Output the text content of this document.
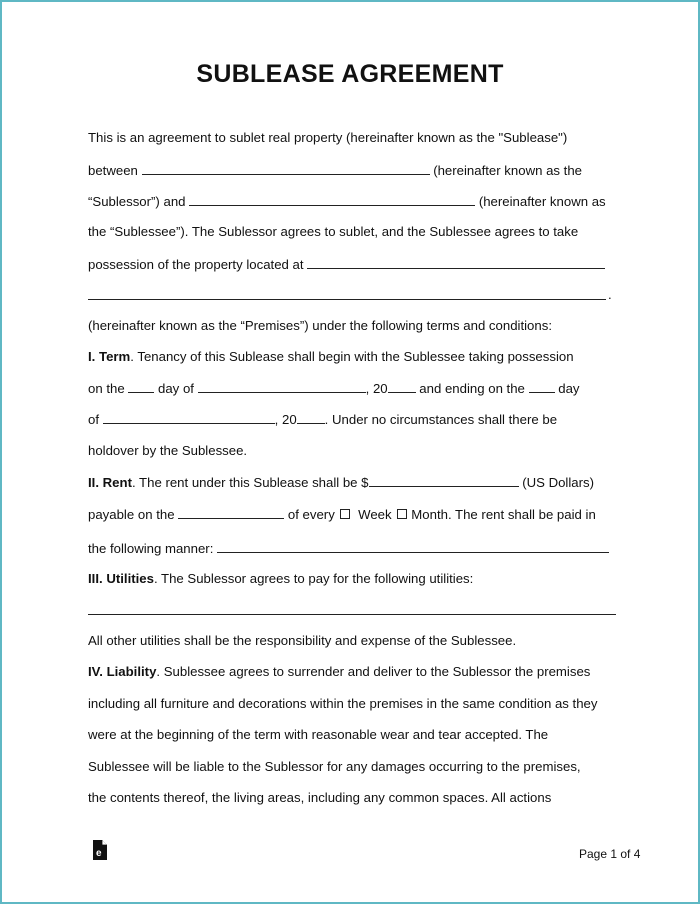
SUBLEASE AGREEMENT
This is an agreement to sublet real property (hereinafter known as the "Sublease")
between	(hereinafter known as the
“Sublessor”) and	(hereinafter known as
the “Sublessee”). The Sublessor agrees to sublet, and the Sublessee agrees to take
possession of the property located at
.
(hereinafter known as the “Premises”) under the following terms and conditions:
I. Term. Tenancy of this Sublease shall begin with the Sublessee taking possession
on the	day of	, 20 and ending on the	day
of	, 20 . Under no circumstances shall there be
holdover by the Sublessee.
II. Rent. The rent under this Sublease shall be $	(US Dollars)
payable on the	of every Week Month. The rent shall be paid in
the following manner:
III. Utilities. The Sublessor agrees to pay for the following utilities:
All other utilities shall be the responsibility and expense of the Sublessee.
IV. Liability. Sublessee agrees to surrender and deliver to the Sublessor the premises
including all furniture and decorations within the premises in the same condition as they
were at the beginning of the term with reasonable wear and tear accepted. The
Sublessee will be liable to the Sublessor for any damages occurring to the premises,
the contents thereof, the living areas, including any common spaces. All actions
e	Page 1 of 4
